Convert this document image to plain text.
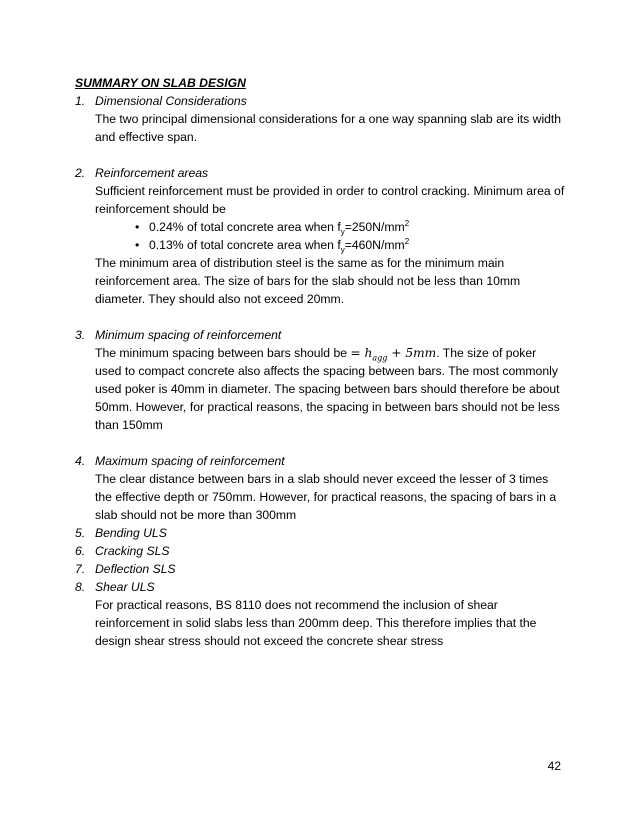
SUMMARY ON SLAB DESIGN
1. Dimensional Considerations
The two principal dimensional considerations for a one way spanning slab are its width and effective span.
2. Reinforcement areas
Sufficient reinforcement must be provided in order to control cracking. Minimum area of reinforcement should be
• 0.24% of total concrete area when $f_y=250N/mm^2$
• 0.13% of total concrete area when $f_y=460N/mm^2$
The minimum area of distribution steel is the same as for the minimum main reinforcement area. The size of bars for the slab should not be less than 10mm diameter. They should also not exceed 20mm.
3. Minimum spacing of reinforcement
The minimum spacing between bars should be = $h_{agg} + 5mm$. The size of poker used to compact concrete also affects the spacing between bars. The most commonly used poker is 40mm in diameter. The spacing between bars should therefore be about 50mm. However, for practical reasons, the spacing in between bars should not be less than 150mm
4. Maximum spacing of reinforcement
The clear distance between bars in a slab should never exceed the lesser of 3 times the effective depth or 750mm. However, for practical reasons, the spacing of bars in a slab should not be more than 300mm
5. Bending ULS
6. Cracking SLS
7. Deflection SLS
8. Shear ULS
For practical reasons, BS 8110 does not recommend the inclusion of shear reinforcement in solid slabs less than 200mm deep. This therefore implies that the design shear stress should not exceed the concrete shear stress
42
